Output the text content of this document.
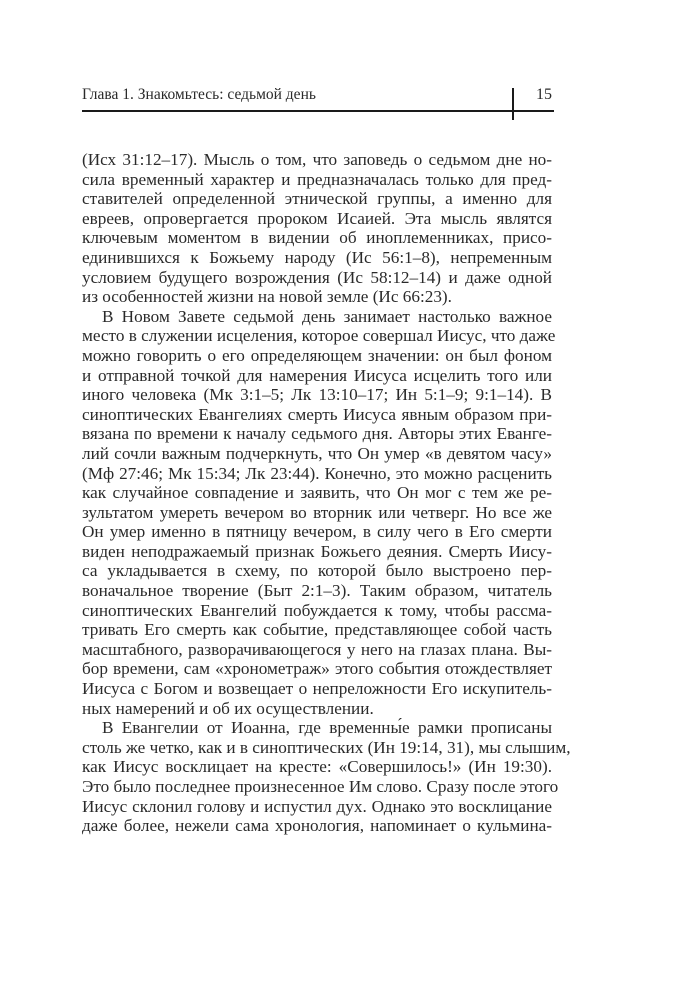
Глава 1. Знакомьтесь: седьмой день	15
(Исх 31:12–17). Мысль о том, что заповедь о седьмом дне но-
сила временный характер и предназначалась только для пред-
ставителей определенной этнической группы, а именно для
евреев, опровергается пророком Исаией. Эта мысль являтся
ключевым моментом в видении об иноплеменниках, присо-
единившихся к Божьему народу (Ис 56:1–8), непременным
условием будущего возрождения (Ис 58:12–14) и даже одной
из особенностей жизни на новой земле (Ис 66:23).
В Новом Завете седьмой день занимает настолько важное
место в служении исцеления, которое совершал Иисус, что даже
можно говорить о его определяющем значении: он был фоном
и отправной точкой для намерения Иисуса исцелить того или
иного человека (Мк 3:1–5; Лк 13:10–17; Ин 5:1–9; 9:1–14). В
синоптических Евангелиях смерть Иисуса явным образом при-
вязана по времени к началу седьмого дня. Авторы этих Еванге-
лий сочли важным подчеркнуть, что Он умер «в девятом часу»
(Мф 27:46; Мк 15:34; Лк 23:44). Конечно, это можно расценить
как случайное совпадение и заявить, что Он мог с тем же ре-
зультатом умереть вечером во вторник или четверг. Но все же
Он умер именно в пятницу вечером, в силу чего в Его смерти
виден неподражаемый признак Божьего деяния. Смерть Иису-
са укладывается в схему, по которой было выстроено пер-
воначальное творение (Быт 2:1–3). Таким образом, читатель
синоптических Евангелий побуждается к тому, чтобы рассма-
тривать Его смерть как событие, представляющее собой часть
масштабного, разворачивающегося у него на глазах плана. Вы-
бор времени, сам «хронометраж» этого события отождествляет
Иисуса с Богом и возвещает о непреложности Его искупитель-
ных намерений и об их осуществлении.
В Евангелии от Иоанна, где временны́е рамки прописаны
столь же четко, как и в синоптических (Ин 19:14, 31), мы слышим,
как Иисус восклицает на кресте: «Совершилось!» (Ин 19:30).
Это было последнее произнесенное Им слово. Сразу после этого
Иисус склонил голову и испустил дух. Однако это восклицание
даже более, нежели сама хронология, напоминает о кульмина-
